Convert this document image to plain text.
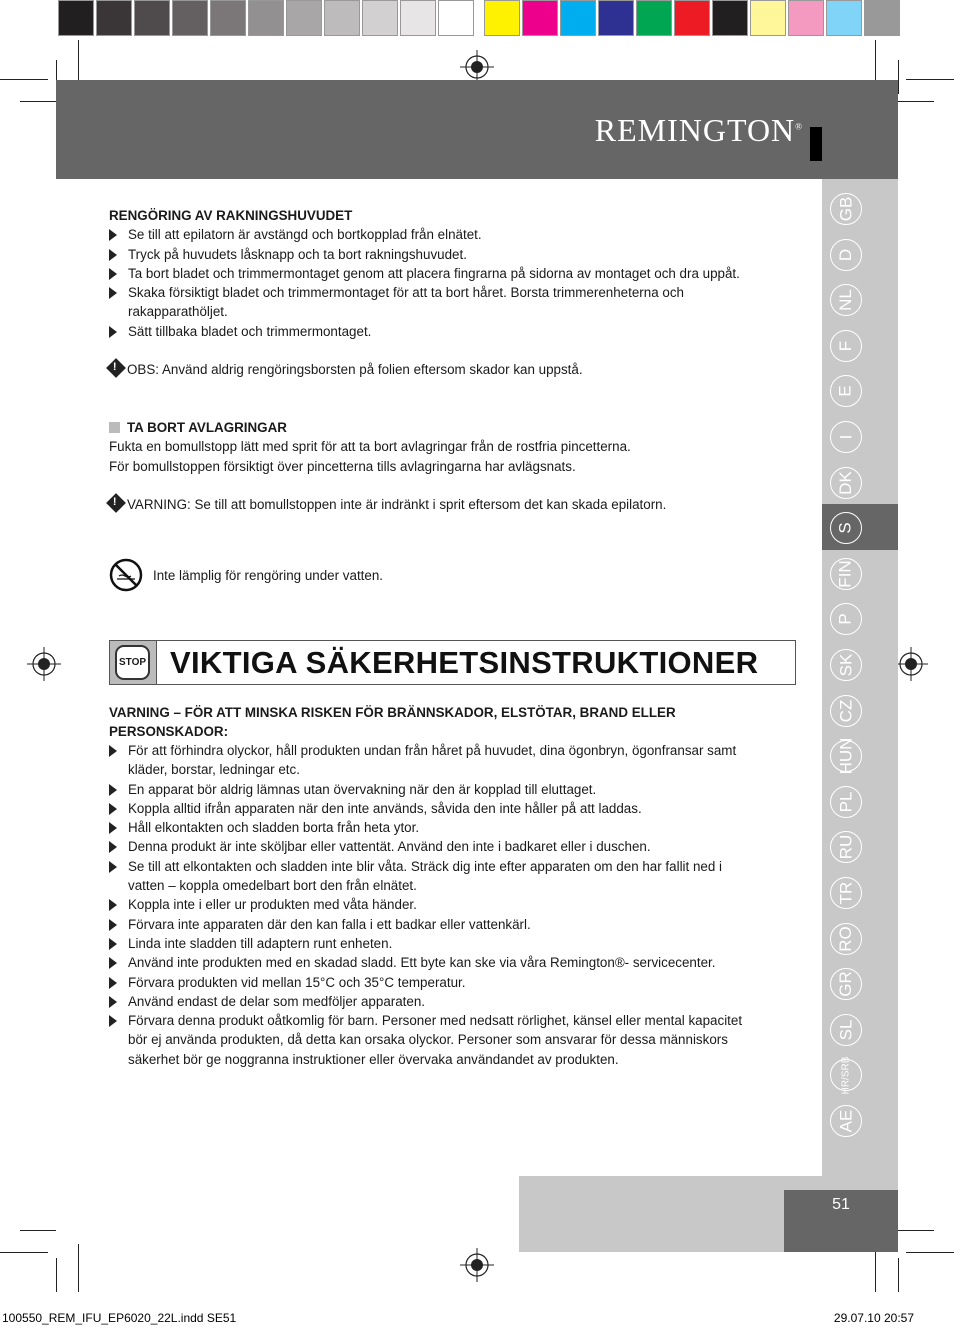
REMINGTON®
GB
D
NL
F
E
I
DK
S
FIN
P
SK
CZ
HUN
PL
RU
TR
RO
GR
SL
HR/SRB
AE
RENGÖRING AV RAKNINGSHUVUDET
Se till att epilatorn är avstängd och bortkopplad från elnätet.
Tryck på huvudets låsknapp och ta bort rakningshuvudet.
Ta bort bladet och trimmermontaget genom att placera fingrarna på sidorna av montaget och dra uppåt.
Skaka försiktigt bladet och trimmermontaget för att ta bort håret. Borsta trimmerenheterna och rakapparathöljet.
Sätt tillbaka bladet och trimmermontaget.
!OBS: Använd aldrig rengöringsborsten på folien eftersom skador kan uppstå.
TA BORT AVLAGRINGAR
Fukta en bomullstopp lätt med sprit för att ta bort avlagringar från de rostfria pincetterna.
För bomullstoppen försiktigt över pincetterna tills avlagringarna har avlägsnats.
!VARNING: Se till att bomullstoppen inte är indränkt i sprit eftersom det kan skada epilatorn.
Inte lämplig för rengöring under vatten.
STOP VIKTIGA SÄKERHETSINSTRUKTIONER
VARNING – FÖR ATT MINSKA RISKEN FÖR BRÄNNSKADOR, ELSTÖTAR, BRAND ELLER PERSONSKADOR:
För att förhindra olyckor, håll produkten undan från håret på huvudet, dina ögonbryn, ögonfransar samt kläder, borstar, ledningar etc.
En apparat bör aldrig lämnas utan övervakning när den är kopplad till eluttaget.
Koppla alltid ifrån apparaten när den inte används, såvida den inte håller på att laddas.
Håll elkontakten och sladden borta från heta ytor.
Denna produkt är inte sköljbar eller vattentät. Använd den inte i badkaret eller i duschen.
Se till att elkontakten och sladden inte blir våta. Sträck dig inte efter apparaten om den har fallit ned i vatten – koppla omedelbart bort den från elnätet.
Koppla inte i eller ur produkten med våta händer.
Förvara inte apparaten där den kan falla i ett badkar eller vattenkärl.
Linda inte sladden till adaptern runt enheten.
Använd inte produkten med en skadad sladd. Ett byte kan ske via våra Remington®- servicecenter.
Förvara produkten vid mellan 15°C och 35°C temperatur.
Använd endast de delar som medföljer apparaten.
Förvara denna produkt oåtkomlig för barn. Personer med nedsatt rörlighet, känsel eller mental kapacitet bör ej använda produkten, då detta kan orsaka olyckor. Personer som ansvarar för dessa människors säkerhet bör ge noggranna instruktioner eller övervaka användandet av produkten.
51
100550_REM_IFU_EP6020_22L.indd SE51	29.07.10 20:57
